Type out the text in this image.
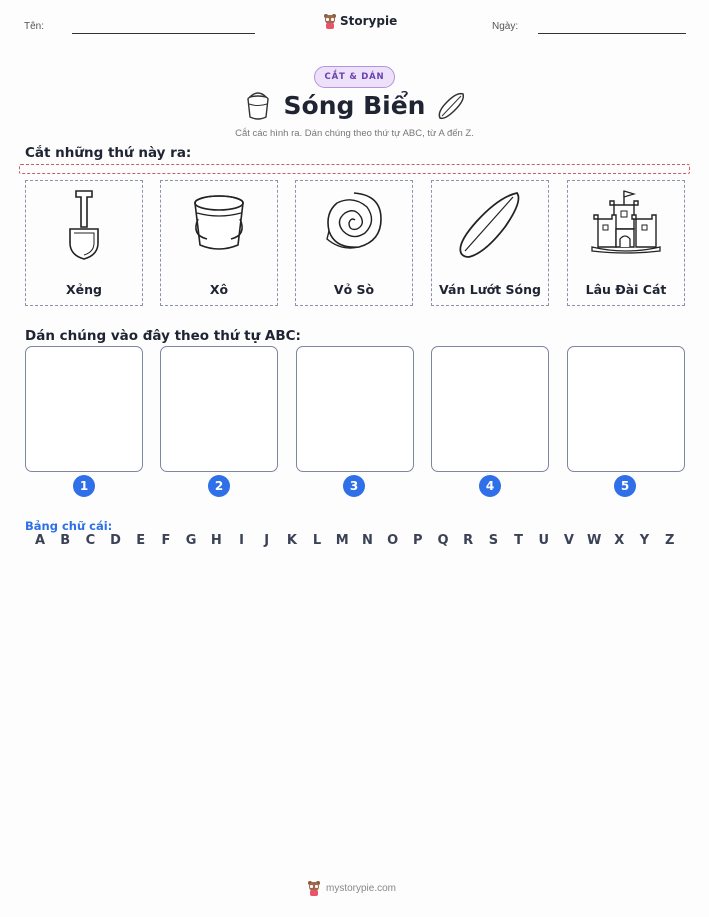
Tên:	Storypie	Ngày:
CẮT & DÁN
Sóng Biển
Cắt các hình ra. Dán chúng theo thứ tự ABC, từ A đến Z.
Cắt những thứ này ra:
Xẻng	Xô	Vỏ Sò	Ván Lướt Sóng	Lâu Đài Cát
Dán chúng vào đây theo thứ tự ABC:
1	2	3	4	5
Bảng chữ cái:
A	B	C	D	E	F	G	H	I	J	K	L	M	N	O	P	Q	R	S	T	U	V W	X	Y	Z
mystorypie.com
